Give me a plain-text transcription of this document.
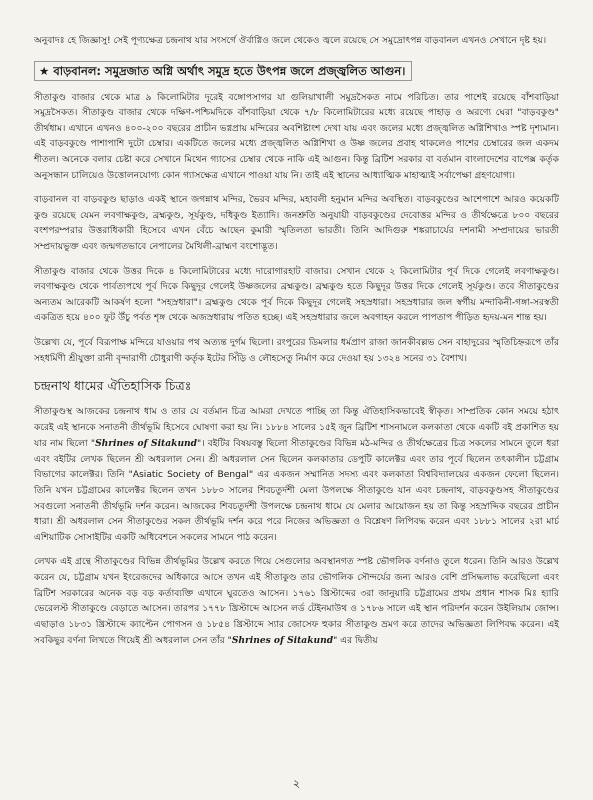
অনুবাদঃ হে জিজ্ঞাসু! সেই পূণ্যক্ষেত্র চন্দ্রনাথ যার সংসর্গে ঔর্বাগ্নিও জলে থেকেও জ্বলে রয়েছে সে সমুদ্রোৎপন্ন বাড়বানল এখনও সেখানে দৃষ্ট হয়।

★ বাড়বানল: সমুদ্রজাত অগ্নি অর্থাৎ সমুদ্র হতে উৎপন্ন জলে প্রজ্জ্বলিত আগুন।

সীতাকুণ্ড বাজার থেকে মাত্র ৯ কিলোমিটার দূরেই বঙ্গোপসাগর যা গুলিয়াখালী সমুদ্রসৈকত নামে পরিচিত। তার পাশেই রয়েছে বাঁশবাড়িয়া সমুদ্রসৈকত। সীতাকুণ্ড বাজার থেকে দক্ষিণ-পশ্চিমদিকে বাঁশবাড়িয়া থেকে ৭/৮ কিলোমিটারের মধ্যে রয়েছে পাহাড় ও অরণ্যে ঘেরা "বাড়বকুণ্ড" তীর্থধাম। এখানে এখনও ৪০০-২০০ বছরের প্রাচীন ভগ্নপ্রায় মন্দিরের অবশিষ্টাংশ দেখা যায় এবং জলের মধ্যে প্রজ্জ্বলিত অগ্নিশিখাও স্পষ্ট দৃশ্যমান। এই বাড়বকুণ্ডে পাশাপাশি দুটো চেম্বার। একটিতে জলের মধ্যে প্রজ্জ্বলিত অগ্নিশিখা ও উষ্ণ জলের প্রবাহ থাকলেও পাশের চেম্বারের জল একদম শীতল। অনেকে বলার চেষ্টা করে সেখানে মিথেন গ্যাসের চেম্বার থেকে নাকি এই আগুন। কিন্তু ব্রিটিশ সরকার বা বর্তমান বাংলাদেশের বাপেক্স কর্তৃক অনুসন্ধান চালিয়েও উত্তোলনযোগ্য কোন গ্যাসক্ষেত্র এখানে পাওয়া যায় নি। তাই এই স্থানের আধ্যাত্মিক মাহাত্ম্যই সর্বাপেক্ষা গ্রহণযোগ্য।

বাড়বানল বা বাড়বকুণ্ড ছাড়াও একই স্থানে জগন্নাথ মন্দির, ভৈরব মন্দির, মহাবলী হনুমান মন্দির অবস্থিত। বাড়বকুণ্ডের আশেপাশে আরও কয়েকটি কুণ্ড রয়েছে যেমন লবণাক্ষকুণ্ড, ব্রহ্মকুণ্ড, সূর্যকুণ্ড, দধিকুণ্ড ইত্যাদি। জনশ্রুতি অনুযায়ী বাড়বকুণ্ডের দেবোত্তর মন্দির ও তীর্থক্ষেত্রে ৮০০ বছরের বংশপরম্পরার উত্তরাধিকারী হিসেবে এখন বেঁচে আছেন কুমারী স্মৃতিলতা ভারতী। তিনি আদিগুরু শঙ্করাচার্যের দশনামী সম্প্রদায়ের ভারতী সম্প্রদায়ভুক্ত এবং জন্মগতভাবে নেপালের মৈথিলী-ব্রাহ্মণ বংশোদ্ভূত।

সীতাকুণ্ড বাজার থেকে উত্তর দিকে ৪ কিলোমিটারের মধ্যে দারোগারহাট বাজার। সেখান থেকে ২ কিলোমিটার পূর্ব দিকে গেলেই লবণাক্ষকুণ্ড। লবণাক্ষকুণ্ড থেকে পার্বত্যপথে পূর্ব দিকে কিছুদূর গেলেই উষ্ণজলের ব্রহ্মকুণ্ড। ব্রহ্মকুণ্ড হতে কিছুদূর উত্তর দিকে গেলেই সূর্যকুণ্ড। তবে সীতাকুণ্ডের অন্যতম আরেকটি আকর্ষণ হলো "সহস্রধারা"। ব্রহ্মকুণ্ড থেকে পূর্ব দিকে কিছুদূর গেলেই সহস্রধারা। সহস্রধারার জল স্বর্গীয় মন্দাকিনী-গঙ্গা-সরস্বতী একত্রিত হয়ে ৪০০ ফুট উঁচু পর্বত শৃঙ্গ থেকে অজস্রধারায় পতিত হচ্ছে। এই সহস্রধারার জলে অবগাহন করলে পাপতাপ পীড়িত হৃদয়-মন শান্ত হয়।

উল্লেখ্য যে, পূর্বে বিরূপাক্ষ মন্দিরে যাওয়ার পথ অত্যন্ত দুর্গম ছিলো। রংপুরের ডিমলার ধর্মপ্রাণ রাজা জানকীবল্লভ সেন বাহাদুরের স্মৃতিচিহ্নরূপে তাঁর সহধর্মিণী শ্রীযুক্তা রানী বৃন্দারাণী চৌধুরাণী কর্তৃক ইটের সিঁড়ি ও লৌহসেতু নির্মাণ করে দেওয়া হয় ১৩২৪ সনের ৩১ বৈশাখ।

চন্দ্রনাথ ধামের ঐতিহাসিক চিত্রঃ

সীতাকুণ্ডস্থ আজকের চন্দ্রনাথ ধাম ও তার যে বর্তমান চিত্র আমরা দেখতে পাচ্ছি তা কিন্তু ঐতিহাসিকভাবেই স্বীকৃত। সাম্প্রতিক কোন সময়ে হঠাৎ করেই এই স্থানকে সনাতনী তীর্থভূমি হিসেবে ঘোষণা করা হয় নি। ১৮৮৪ সালের ১৫ই জুন ব্রিটিশ শাসনামলে কলকাতা থেকে একটি বই প্রকাশিত হয় যার নাম ছিলো "Shrines of Sitakund"। বইটির বিষয়বস্তু ছিলো সীতাকুণ্ডের বিভিন্ন মঠ-মন্দির ও তীর্থক্ষেত্রের চিত্র সকলের সামনে তুলে ধরা এবং বইটির লেখক ছিলেন শ্রী অধরলাল সেন। শ্রী অধরলাল সেন ছিলেন কলকাতার ডেপুটি কালেক্টর এবং তার পূর্বে ছিলেন তৎকালীন চট্টগ্রাম বিভাগের কালেক্টর। তিনি "Asiatic Society of Bengal" এর একজন সম্মানিত সদস্য এবং কলকাতা বিশ্ববিদ্যালয়ের একজন ফেলো ছিলেন। তিনি যখন চট্টগ্রামের কালেক্টর ছিলেন তখন ১৮৮০ সালের শিবচতুর্দশী মেলা উপলক্ষে সীতাকুণ্ডে যান এবং চন্দ্রনাথ, বাড়বকুণ্ডসহ সীতাকুণ্ডের সবগুলো সনাতনী তীর্থভূমি দর্শন করেন। আজকের শিবচতুর্দশী উপলক্ষে চন্দ্রনাথ ধামে যে মেলার আয়োজন হয় তা কিন্তু সহস্রাব্দিক বছরের প্রাচীন ধারা। শ্রী অধরলাল সেন সীতাকুণ্ডের সকল তীর্থভূমি দর্শন করে পরে নিজের অভিজ্ঞতা ও বিশ্লেষণ লিপিবদ্ধ করেন এবং ১৮৮১ সালের ২রা মার্চ এশিয়াটিক সোসাইটির একটি অধিবেশনে সকলের সামনে পাঠ করেন।

লেখক এই গ্রন্থে সীতাকুণ্ডের বিভিন্ন তীর্থভূমির উল্লেখ করতে গিয়ে সেগুলোর অবস্থানগত স্পষ্ট ভৌগলিক বর্ণনাও তুলে ধরেন। তিনি আরও উল্লেখ করেন যে, চট্টগ্রাম যখন ইংরেজদের অধিকারে আসে তখন এই সীতাকুণ্ড তার ভৌগলিক সৌন্দর্যের জন্য আরও বেশি প্রসিদ্ধলাভ করেছিলো এবং ব্রিটিশ সরকারের অনেক বড় বড় কর্তাব্যক্তি এখানে ঘুরতেও আসেন। ১৭৬১ খ্রিস্টাব্দের ৩রা জানুয়ারি চট্টগ্রামের প্রথম প্রধান শাসক মিঃ হ্যারি ভেরেলস্ট সীতাকুণ্ডে বেড়াতে আসেন। তারপর ১৭৭৮ খ্রিস্টাব্দে আসেন লর্ড টেইনমাউথ ও ১৭৮৬ সালে এই স্থান পরিদর্শন করেন উইলিয়াম জোন্স। এছাড়াও ১৮৩১ খ্রিস্টাব্দে ক্যাপ্টেন পোগসন ও ১৮৫৪ খ্রিস্টাব্দে স্যার জোসেফ হুকার সীতাকুণ্ড ভ্রমণ করে তাদের অভিজ্ঞতা লিপিবদ্ধ করেন। এই সবকিছুর বর্ণনা লিখতে গিয়েই শ্রী অধরলাল সেন তাঁর "Shrines of Sitakund" এর দ্বিতীয়

২
